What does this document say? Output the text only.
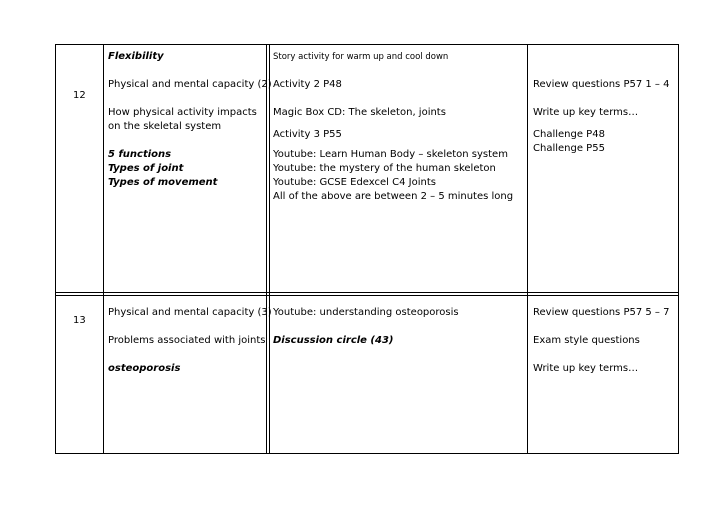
12

Flexibility

Physical and mental capacity (2)

How physical activity impacts

on the skeletal system

5 functions

Types of joint

Types of movement

Story activity for warm up and cool down

Activity 2 P48

Magic Box CD: The skeleton, joints

Activity 3 P55

Youtube: Learn Human Body – skeleton system

Youtube: the mystery of the human skeleton

Youtube: GCSE Edexcel C4 Joints

All of the above are between 2 – 5 minutes long

Review questions P57 1 – 4

Write up key terms…

Challenge P48

Challenge P55

13

Physical and mental capacity (3)

Problems associated with joints

osteoporosis

Youtube: understanding osteoporosis

Discussion circle (43)

Review questions P57 5 – 7

Exam style questions

Write up key terms…
